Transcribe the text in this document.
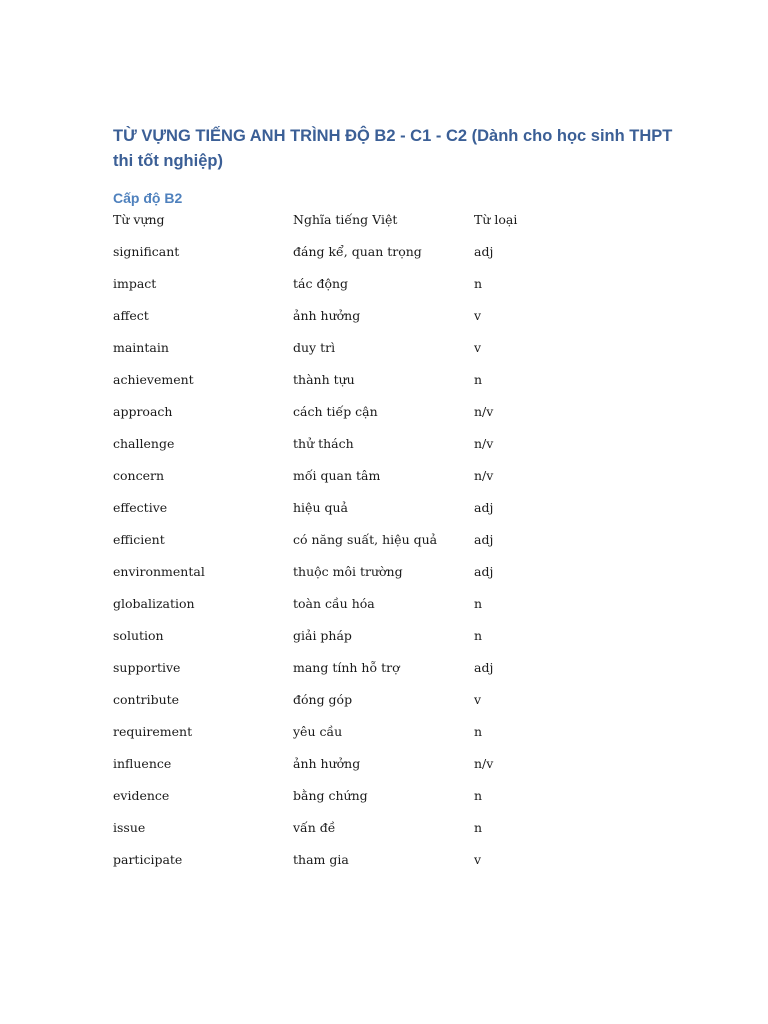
TỪ VỰNG TIẾNG ANH TRÌNH ĐỘ B2 - C1 - C2 (Dành cho học sinh THPT thi tốt nghiệp)
Cấp độ B2
Từ vựng	Nghĩa tiếng Việt	Từ loại
significant	đáng kể, quan trọng	adj
impact	tác động	n
affect	ảnh hưởng	v
maintain	duy trì	v
achievement	thành tựu	n
approach	cách tiếp cận	n/v
challenge	thử thách	n/v
concern	mối quan tâm	n/v
effective	hiệu quả	adj
efficient	có năng suất, hiệu quả	adj
environmental	thuộc môi trường	adj
globalization	toàn cầu hóa	n
solution	giải pháp	n
supportive	mang tính hỗ trợ	adj
contribute	đóng góp	v
requirement	yêu cầu	n
influence	ảnh hưởng	n/v
evidence	bằng chứng	n
issue	vấn đề	n
participate	tham gia	v
